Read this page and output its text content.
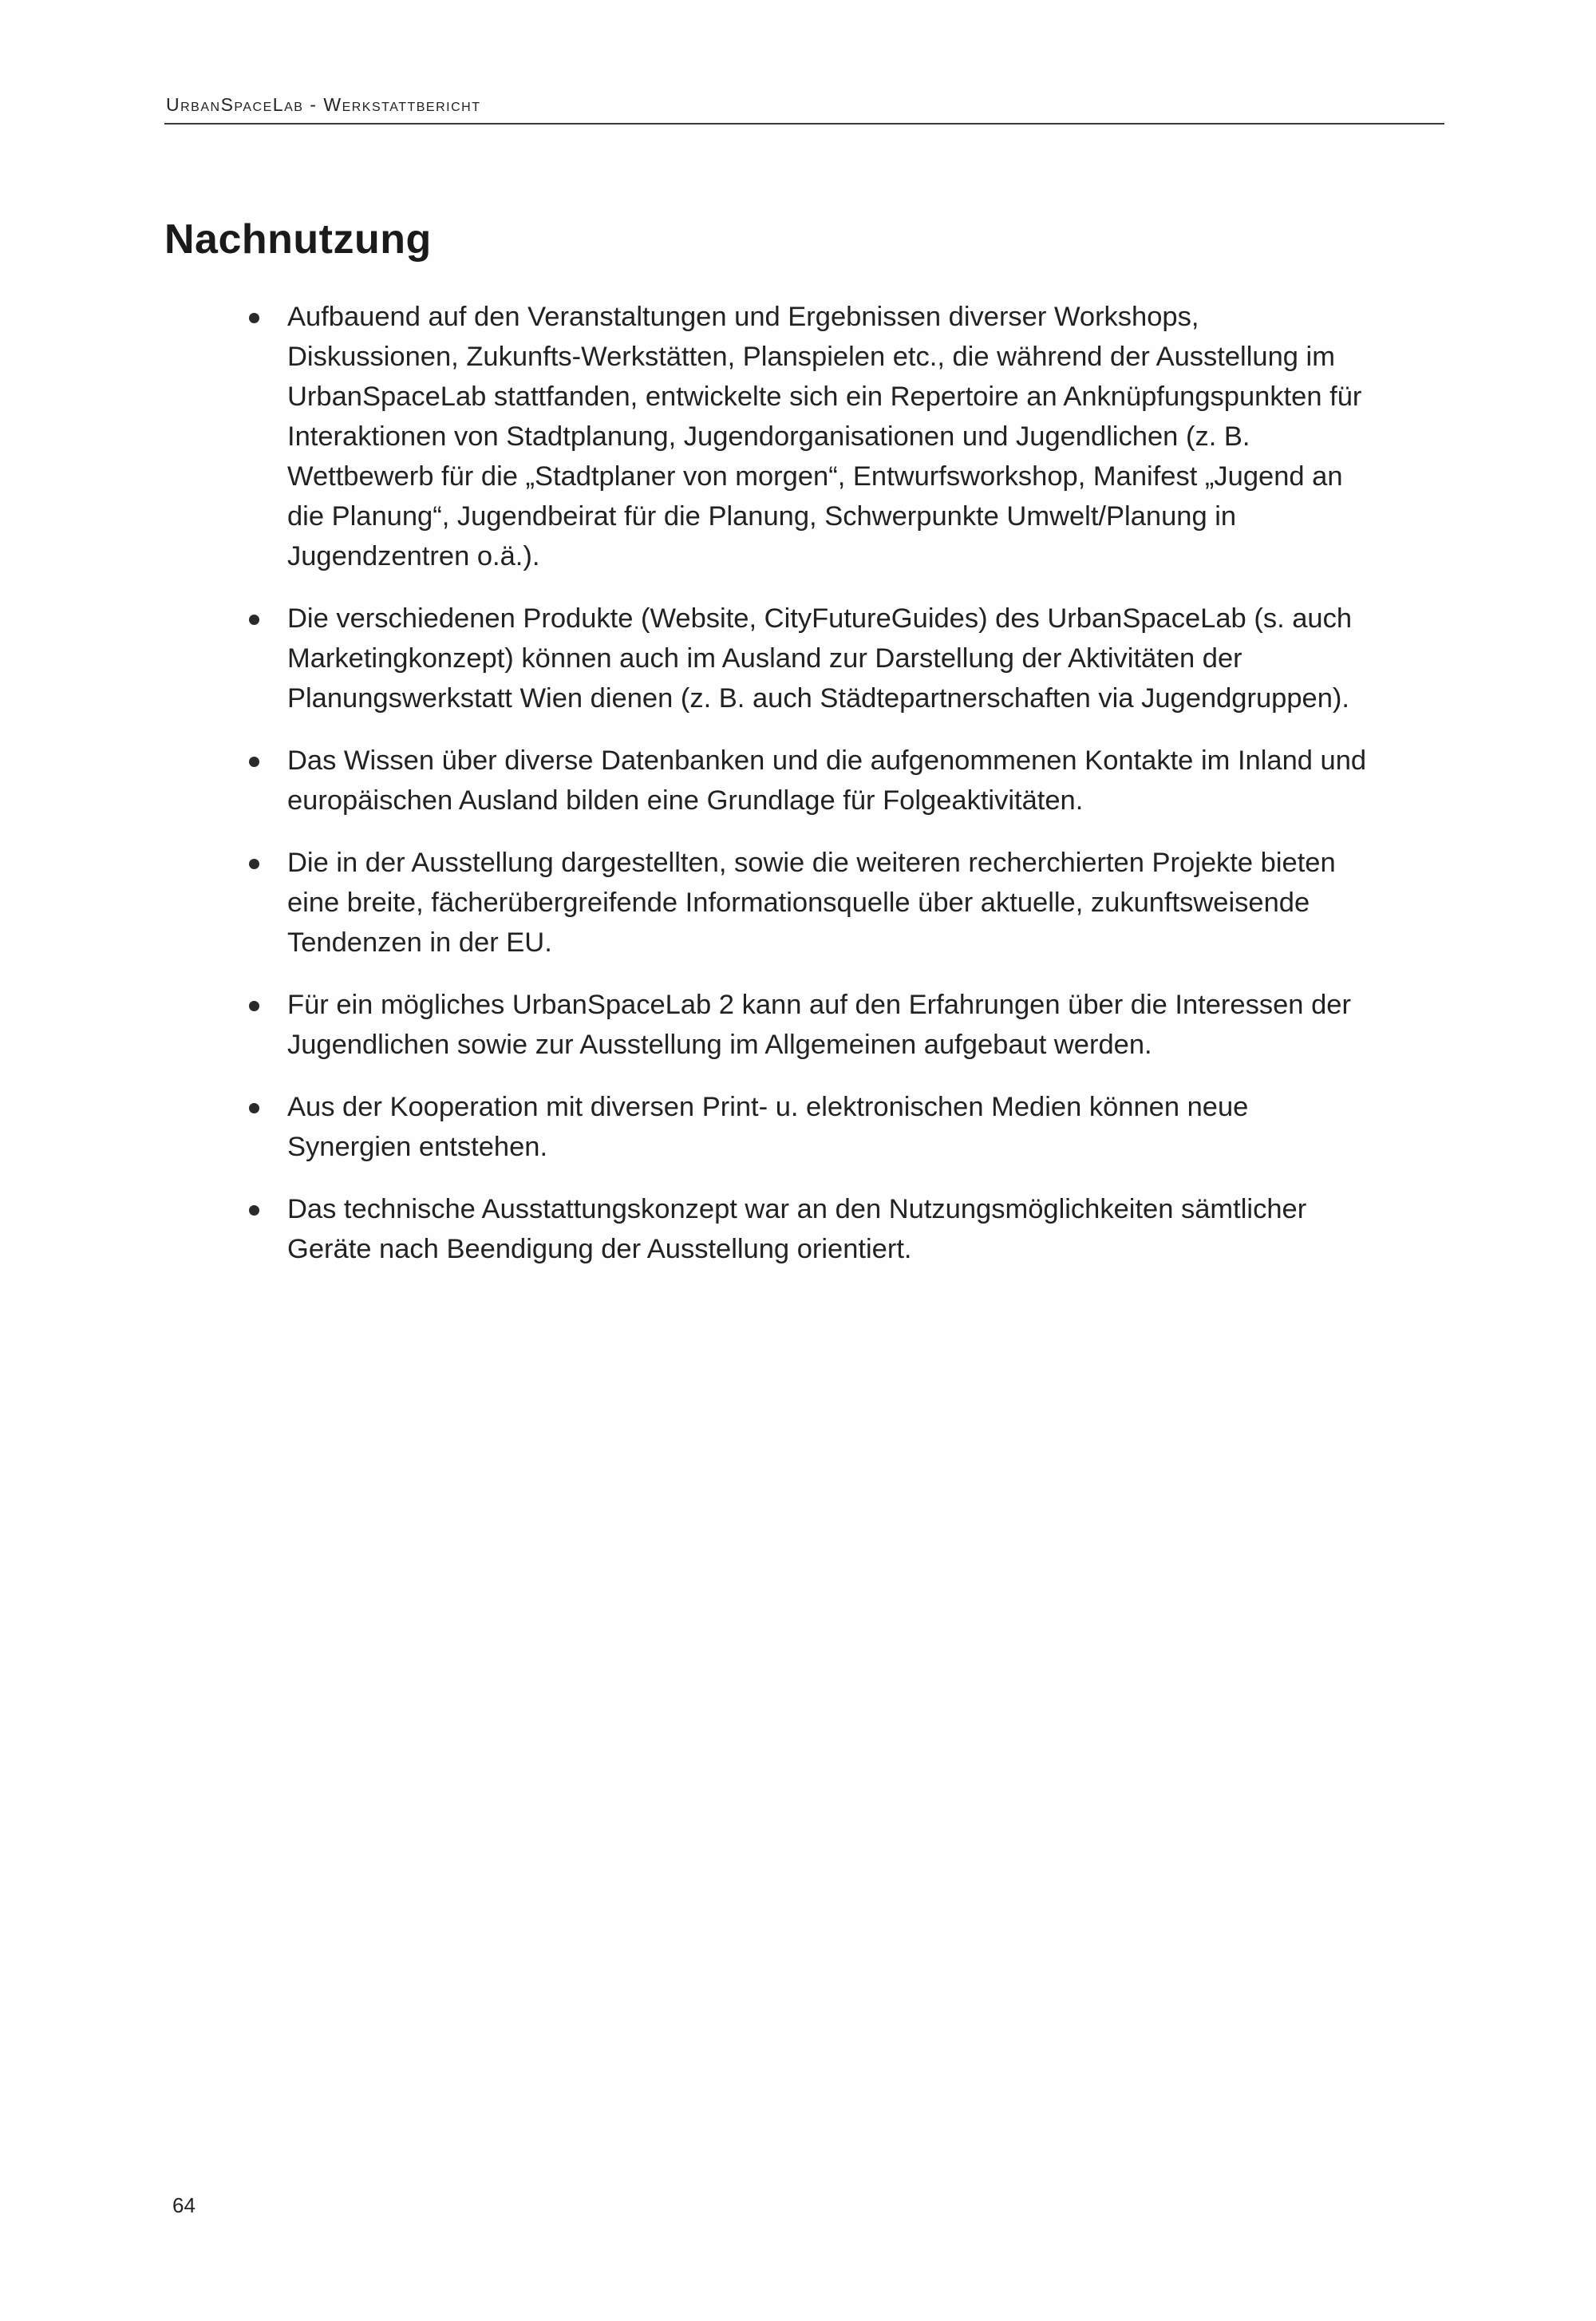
UrbanSpaceLab - Werkstattbericht
Nachnutzung
Aufbauend auf den Veranstaltungen und Ergebnissen diverser Workshops, Diskussionen, Zukunfts-Werkstätten, Planspielen etc., die während der Ausstellung im UrbanSpaceLab stattfanden, entwickelte sich ein Repertoire an Anknüpfungspunkten für Interaktionen von Stadtplanung, Jugendorganisationen und Jugendlichen (z. B. Wettbewerb für die „Stadtplaner von morgen“, Entwurfsworkshop, Manifest „Jugend an die Planung“, Jugendbeirat für die Planung, Schwerpunkte Umwelt/Planung in Jugendzentren o.ä.).
Die verschiedenen Produkte (Website, CityFutureGuides) des UrbanSpaceLab (s. auch Marketingkonzept) können auch im Ausland zur Darstellung der Aktivitäten der Planungswerkstatt Wien dienen (z. B. auch Städtepartnerschaften via Jugendgruppen).
Das Wissen über diverse Datenbanken und die aufgenommenen Kontakte im Inland und europäischen Ausland bilden eine Grundlage für Folgeaktivitäten.
Die in der Ausstellung dargestellten, sowie die weiteren recherchierten Projekte bieten eine breite, fächerübergreifende Informationsquelle über aktuelle, zukunftsweisende Tendenzen in der EU.
Für ein mögliches UrbanSpaceLab 2 kann auf den Erfahrungen über die Interessen der Jugendlichen sowie zur Ausstellung im Allgemeinen aufgebaut werden.
Aus der Kooperation mit diversen Print- u. elektronischen Medien können neue Synergien entstehen.
Das technische Ausstattungskonzept war an den Nutzungsmöglichkeiten sämtlicher Geräte nach Beendigung der Ausstellung orientiert.
64
